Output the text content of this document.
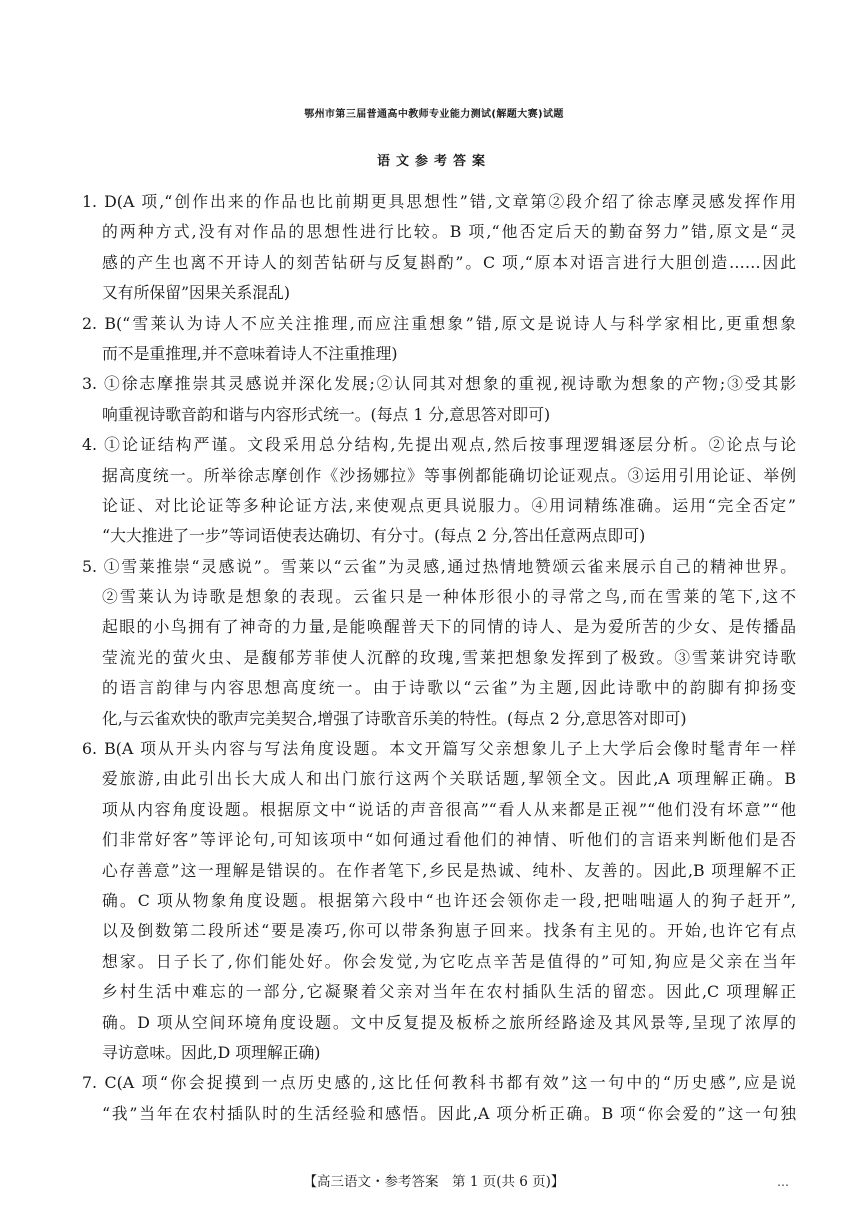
鄂州市第三届普通高中教师专业能力测试(解题大赛)试题
语文参考答案
1. D(A 项,“创作出来的作品也比前期更具思想性”错,文章第②段介绍了徐志摩灵感发挥作用
的两种方式,没有对作品的思想性进行比较。B 项,“他否定后天的勤奋努力”错,原文是“灵
感的产生也离不开诗人的刻苦钻研与反复斟酌”。C 项,“原本对语言进行大胆创造……因此
又有所保留”因果关系混乱)
2. B(“雪莱认为诗人不应关注推理,而应注重想象”错,原文是说诗人与科学家相比,更重想象
而不是重推理,并不意味着诗人不注重推理)
3. ①徐志摩推崇其灵感说并深化发展;②认同其对想象的重视,视诗歌为想象的产物;③受其影
响重视诗歌音韵和谐与内容形式统一。(每点 1 分,意思答对即可)
4. ①论证结构严谨。文段采用总分结构,先提出观点,然后按事理逻辑逐层分析。②论点与论
据高度统一。所举徐志摩创作《沙扬娜拉》等事例都能确切论证观点。③运用引用论证、举例
论证、对比论证等多种论证方法,来使观点更具说服力。④用词精练准确。运用“完全否定”
“大大推进了一步”等词语使表达确切、有分寸。(每点 2 分,答出任意两点即可)
5. ①雪莱推崇“灵感说”。雪莱以“云雀”为灵感,通过热情地赞颂云雀来展示自己的精神世界。
②雪莱认为诗歌是想象的表现。云雀只是一种体形很小的寻常之鸟,而在雪莱的笔下,这不
起眼的小鸟拥有了神奇的力量,是能唤醒普天下的同情的诗人、是为爱所苦的少女、是传播晶
莹流光的萤火虫、是馥郁芳菲使人沉醉的玫瑰,雪莱把想象发挥到了极致。③雪莱讲究诗歌
的语言韵律与内容思想高度统一。由于诗歌以“云雀”为主题,因此诗歌中的韵脚有抑扬变
化,与云雀欢快的歌声完美契合,增强了诗歌音乐美的特性。(每点 2 分,意思答对即可)
6. B(A 项从开头内容与写法角度设题。本文开篇写父亲想象儿子上大学后会像时髦青年一样
爱旅游,由此引出长大成人和出门旅行这两个关联话题,挈领全文。因此,A 项理解正确。B
项从内容角度设题。根据原文中“说话的声音很高”“看人从来都是正视”“他们没有坏意”“他
们非常好客”等评论句,可知该项中“如何通过看他们的神情、听他们的言语来判断他们是否
心存善意”这一理解是错误的。在作者笔下,乡民是热诚、纯朴、友善的。因此,B 项理解不正
确。C 项从物象角度设题。根据第六段中“也许还会领你走一段,把咄咄逼人的狗子赶开”,
以及倒数第二段所述“要是凑巧,你可以带条狗崽子回来。找条有主见的。开始,也许它有点
想家。日子长了,你们能处好。你会发觉,为它吃点辛苦是值得的”可知,狗应是父亲在当年
乡村生活中难忘的一部分,它凝聚着父亲对当年在农村插队生活的留恋。因此,C 项理解正
确。D 项从空间环境角度设题。文中反复提及板桥之旅所经路途及其风景等,呈现了浓厚的
寻访意味。因此,D 项理解正确)
7. C(A 项“你会捉摸到一点历史感的,这比任何教科书都有效”这一句中的“历史感”,应是说
“我”当年在农村插队时的生活经验和感悟。因此,A 项分析正确。B 项“你会爱的”这一句独
【高三语文・参考答案　第 1 页(共 6 页)】	…
